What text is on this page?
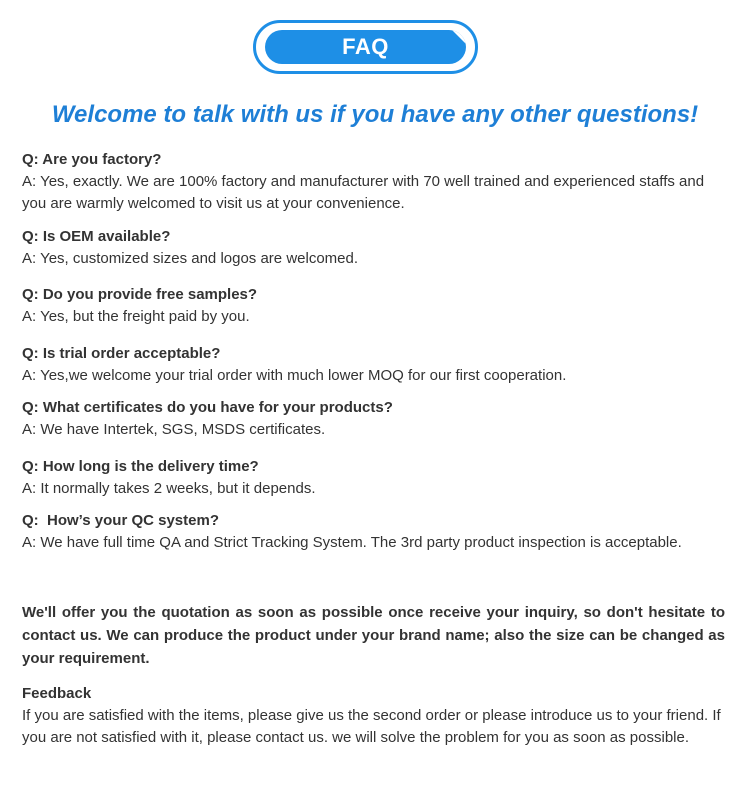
FAQ
Welcome to talk with us if you have any other questions!
Q: Are you factory?
A: Yes, exactly. We are 100% factory and manufacturer with 70 well trained and experienced staffs and you are warmly welcomed to visit us at your convenience.
Q: Is OEM available?
A: Yes, customized sizes and logos are welcomed.
Q: Do you provide free samples?
A: Yes, but the freight paid by you.
Q: Is trial order acceptable?
A: Yes,we welcome your trial order with much lower MOQ for our first cooperation.
Q: What certificates do you have for your products?
A: We have Intertek, SGS, MSDS certificates.
Q: How long is the delivery time?
A: It normally takes 2 weeks, but it depends.
Q:  How’s your QC system?
A: We have full time QA and Strict Tracking System. The 3rd party product inspection is acceptable.

We'll offer you the quotation as soon as possible once receive your inquiry, so don't hesitate to contact us. We can produce the product under your brand name; also the size can be changed as your requirement.

Feedback
If you are satisfied with the items, please give us the second order or please introduce us to your friend. If you are not satisfied with it, please contact us. we will solve the problem for you as soon as possible.
